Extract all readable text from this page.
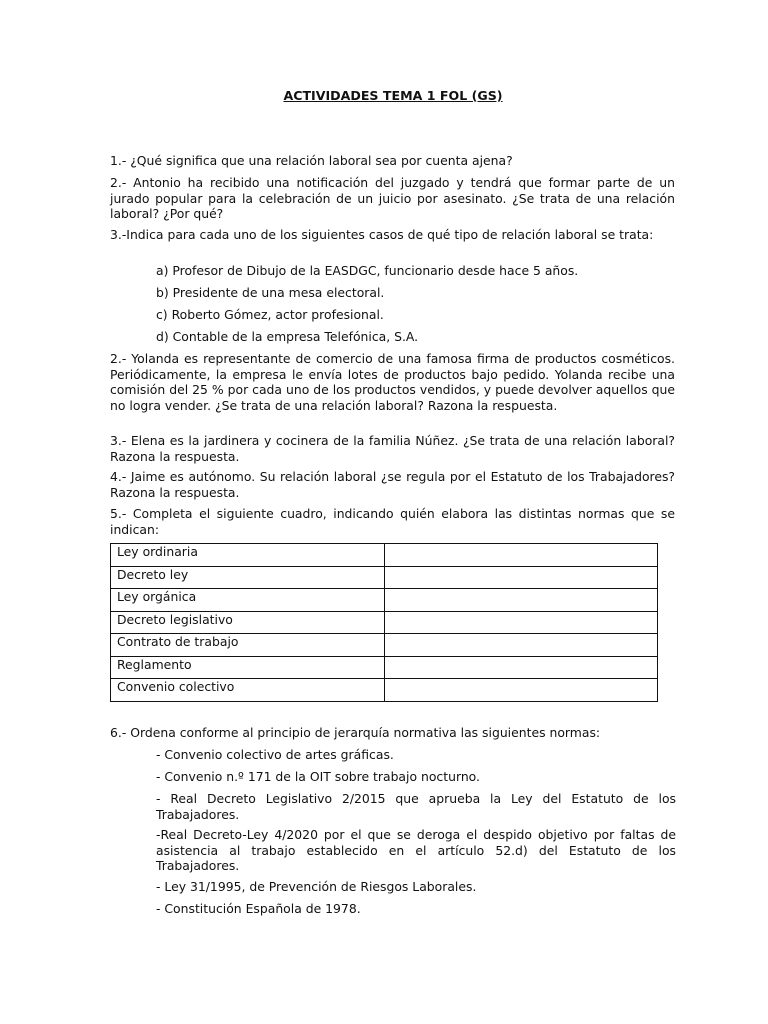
ACTIVIDADES TEMA 1 FOL (GS)

1.- ¿Qué significa que una relación laboral sea por cuenta ajena?

2.- Antonio ha recibido una notificación del juzgado y tendrá que formar parte de un jurado popular para la celebración de un juicio por asesinato. ¿Se trata de una relación laboral? ¿Por qué?

3.-Indica para cada uno de los siguientes casos de qué tipo de relación laboral se trata:

a) Profesor de Dibujo de la EASDGC, funcionario desde hace 5 años.

b) Presidente de una mesa electoral.

c) Roberto Gómez, actor profesional.

d) Contable de la empresa Telefónica, S.A.

2.- Yolanda es representante de comercio de una famosa firma de productos cosméticos. Periódicamente, la empresa le envía lotes de productos bajo pedido. Yolanda recibe una comisión del 25 % por cada uno de los productos vendidos, y puede devolver aquellos que no logra vender. ¿Se trata de una relación laboral? Razona la respuesta.

3.- Elena es la jardinera y cocinera de la familia Núñez. ¿Se trata de una relación laboral? Razona la respuesta.

4.- Jaime es autónomo. Su relación laboral ¿se regula por el Estatuto de los Trabajadores? Razona la respuesta.

5.- Completa el siguiente cuadro, indicando quién elabora las distintas normas que se indican:

Ley ordinaria	
Decreto ley	
Ley orgánica	
Decreto legislativo	
Contrato de trabajo	
Reglamento	
Convenio colectivo	

6.- Ordena conforme al principio de jerarquía normativa las siguientes normas:

- Convenio colectivo de artes gráficas.

- Convenio n.º 171 de la OIT sobre trabajo nocturno.

- Real Decreto Legislativo 2/2015 que aprueba la Ley del Estatuto de los Trabajadores.

-Real Decreto-Ley 4/2020 por el que se deroga el despido objetivo por faltas de asistencia al trabajo establecido en el artículo 52.d) del Estatuto de los Trabajadores.

- Ley 31/1995, de Prevención de Riesgos Laborales.

- Constitución Española de 1978.
